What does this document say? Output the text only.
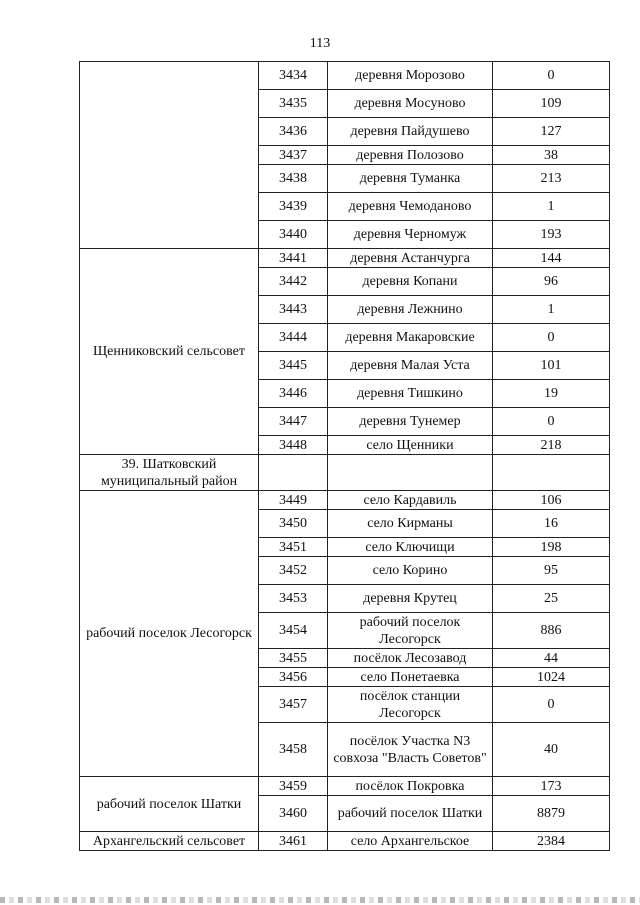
113
	3434	деревня Морозово	0
	3435	деревня Мосуново	109
	3436	деревня Пайдушево	127
	3437	деревня Полозово	38
	3438	деревня Туманка	213
	3439	деревня Чемоданово	1
	3440	деревня Черномуж	193
Щенниковский сельсовет	3441	деревня Астанчурга	144
	3442	деревня Копани	96
	3443	деревня Лежнино	1
	3444	деревня Макаровские	0
	3445	деревня Малая Уста	101
	3446	деревня Тишкино	19
	3447	деревня Тунемер	0
	3448	село Щенники	218
39. Шатковский муниципальный район			
рабочий поселок Лесогорск	3449	село Кардавиль	106
	3450	село Кирманы	16
	3451	село Ключищи	198
	3452	село Корино	95
	3453	деревня Крутец	25
	3454	рабочий поселок Лесогорск	886
	3455	посёлок Лесозавод	44
	3456	село Понетаевка	1024
	3457	посёлок станции Лесогорск	0
	3458	посёлок Участка N3 совхоза "Власть Советов"	40
рабочий поселок Шатки	3459	посёлок Покровка	173
	3460	рабочий поселок Шатки	8879
Архангельский сельсовет	3461	село Архангельское	2384
